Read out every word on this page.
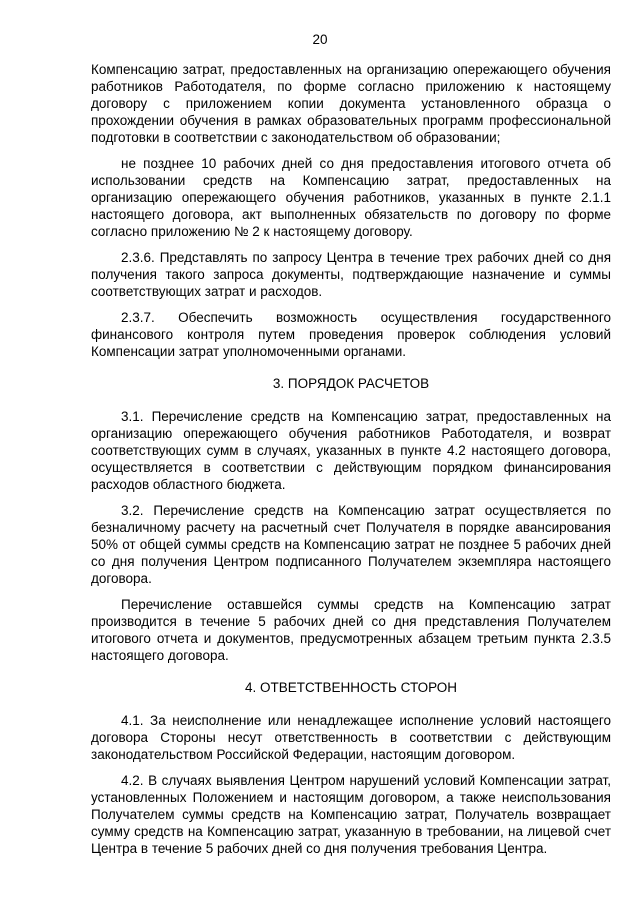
20

Компенсацию затрат, предоставленных на организацию опережающего обучения работников Работодателя, по форме согласно приложению к настоящему договору с приложением копии документа установленного образца о прохождении обучения в рамках образовательных программ профессиональной подготовки в соответствии с законодательством об образовании;

не позднее 10 рабочих дней со дня предоставления итогового отчета об использовании средств на Компенсацию затрат, предоставленных на организацию опережающего обучения работников, указанных в пункте 2.1.1 настоящего договора, акт выполненных обязательств по договору по форме согласно приложению № 2 к настоящему договору.

2.3.6. Представлять по запросу Центра в течение трех рабочих дней со дня получения такого запроса документы, подтверждающие назначение и суммы соответствующих затрат и расходов.

2.3.7. Обеспечить возможность осуществления государственного финансового контроля путем проведения проверок соблюдения условий Компенсации затрат уполномоченными органами.

3. ПОРЯДОК РАСЧЕТОВ

3.1. Перечисление средств на Компенсацию затрат, предоставленных на организацию опережающего обучения работников Работодателя, и возврат соответствующих сумм в случаях, указанных в пункте 4.2 настоящего договора, осуществляется в соответствии с действующим порядком финансирования расходов областного бюджета.

3.2. Перечисление средств на Компенсацию затрат осуществляется по безналичному расчету на расчетный счет Получателя в порядке авансирования 50% от общей суммы средств на Компенсацию затрат не позднее 5 рабочих дней со дня получения Центром подписанного Получателем экземпляра настоящего договора.

Перечисление оставшейся суммы средств на Компенсацию затрат производится в течение 5 рабочих дней со дня представления Получателем итогового отчета и документов, предусмотренных абзацем третьим пункта 2.3.5 настоящего договора.

4. ОТВЕТСТВЕННОСТЬ СТОРОН

4.1. За неисполнение или ненадлежащее исполнение условий настоящего договора Стороны несут ответственность в соответствии с действующим законодательством Российской Федерации, настоящим договором.

4.2. В случаях выявления Центром нарушений условий Компенсации затрат, установленных Положением и настоящим договором, а также неиспользования Получателем суммы средств на Компенсацию затрат, Получатель возвращает сумму средств на Компенсацию затрат, указанную в требовании, на лицевой счет Центра в течение 5 рабочих дней со дня получения требования Центра.
